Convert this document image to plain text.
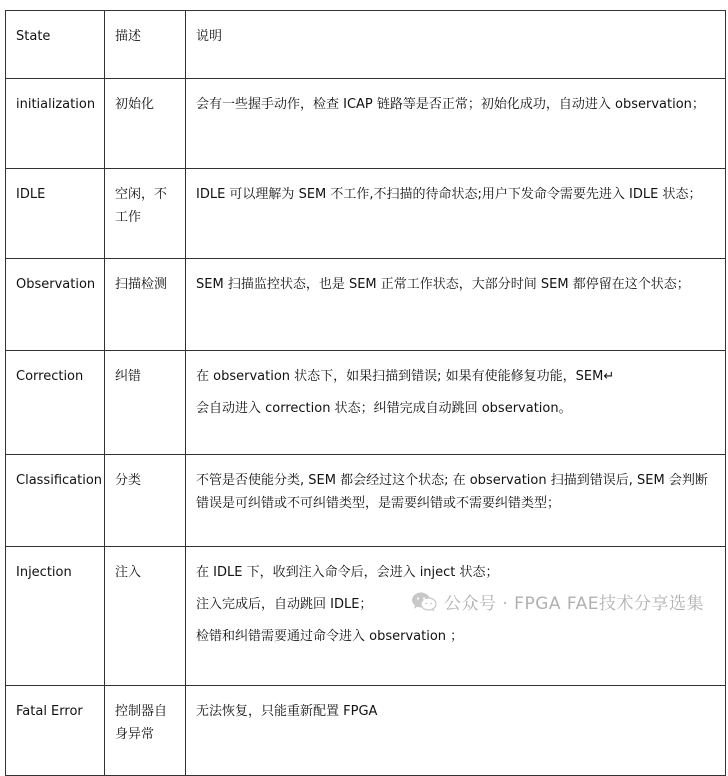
State	描述	说明
initialization	初始化	会有一些握手动作，检查 ICAP 链路等是否正常；初始化成功，自动进入 observation；

IDLE	空闲，不工作	IDLE 可以理解为 SEM 不工作,不扫描的待命状态;用户下发命令需要先进入 IDLE 状态；

Observation	扫描检测	SEM 扫描监控状态，也是 SEM 正常工作状态，大部分时间 SEM 都停留在这个状态；

Correction	纠错	在 observation 状态下，如果扫描到错误; 如果有使能修复功能，SEM↵
会自动进入 correction 状态；纠错完成自动跳回 observation。

Classification	分类	不管是否使能分类, SEM 都会经过这个状态; 在 observation 扫描到错误后, SEM 会判断错误是可纠错或不可纠错类型，是需要纠错或不需要纠错类型；

Injection	注入	在 IDLE 下，收到注入命令后，会进入 inject 状态；
注入完成后，自动跳回 IDLE；
检错和纠错需要通过命令进入 observation ；

Fatal Error	控制器自身异常	无法恢复，只能重新配置 FPGA
公众号 · FPGA FAE技术分享选集
